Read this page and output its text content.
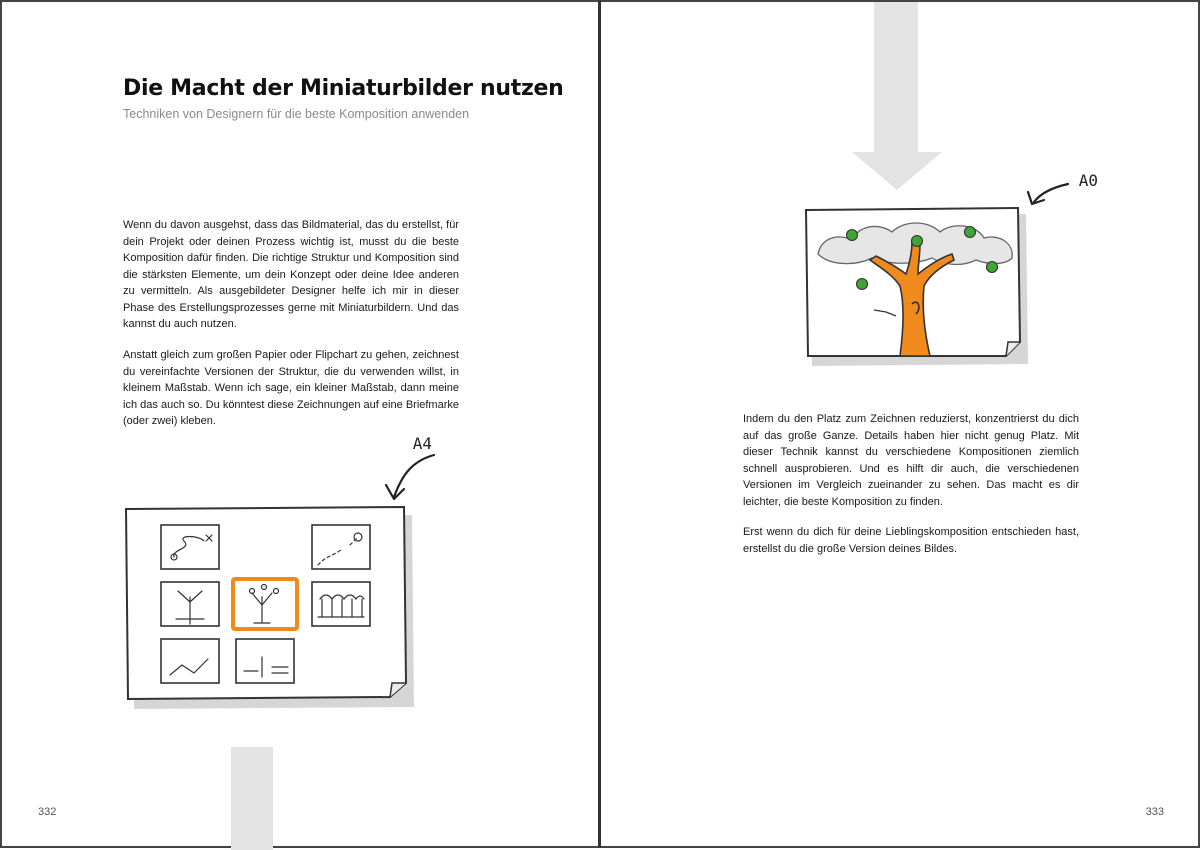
Die Macht der Miniaturbilder nutzen

Techniken von Designern für die beste Komposition anwenden

Wenn du davon ausgehst, dass das Bildmaterial, das du erstellst, für dein Projekt oder deinen Prozess wichtig ist, musst du die beste Komposition dafür finden. Die richtige Struktur und Komposition sind die stärksten Elemente, um dein Konzept oder deine Idee anderen zu vermitteln. Als ausgebildeter Designer helfe ich mir in dieser Phase des Erstellungsprozesses gerne mit Miniaturbildern. Und das kannst du auch nutzen.

Anstatt gleich zum großen Papier oder Flipchart zu gehen, zeichnest du vereinfachte Versionen der Struktur, die du verwenden willst, in kleinem Maßstab. Wenn ich sage, ein kleiner Maßstab, dann meine ich das auch so. Du könntest diese Zeichnungen auf eine Briefmarke (oder zwei) kleben.

A4
332
A0

Indem du den Platz zum Zeichnen reduzierst, konzentrierst du dich auf das große Ganze. Details haben hier nicht genug Platz. Mit dieser Technik kannst du verschiedene Kompositionen ziemlich schnell ausprobieren. Und es hilft dir auch, die verschiedenen Versionen im Vergleich zueinander zu sehen. Das macht es dir leichter, die beste Komposition zu finden.

Erst wenn du dich für deine Lieblingskomposition entschieden hast, erstellst du die große Version deines Bildes.

333
